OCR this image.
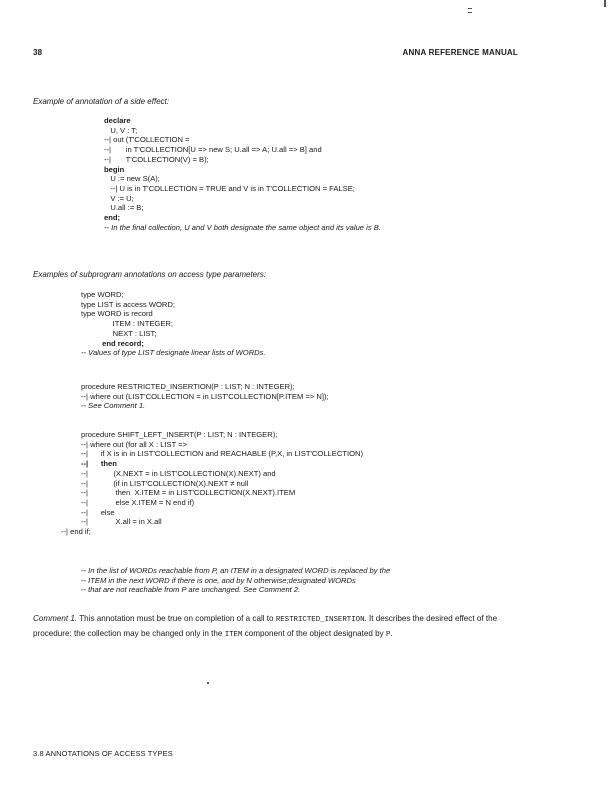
38	ANNA REFERENCE MANUAL
Example of annotation of a side effect:
declare
U, V : T;
--| out (T'COLLECTION =
--|       in T'COLLECTION[U => new S; U.all => A; U.all => B] and
--|       T'COLLECTION(V) = B);
begin
U := new S(A);
--| U is in T'COLLECTION = TRUE and V is in T'COLLECTION = FALSE;
V := U;
U.all := B;
end;
-- In the final collection, U and V both designate the same object and its value is B.
Examples of subprogram annotations on access type parameters:
type WORD;
type LIST is access WORD;
type WORD is record
ITEM : INTEGER;
NEXT : LIST;
end record;
-- Values of type LIST designate linear lists of WORDs.
procedure RESTRICTED_INSERTION(P : LIST; N : INTEGER);
--| where out (LIST'COLLECTION = in LIST'COLLECTION[P.ITEM => N]);
-- See Comment 1.
procedure SHIFT_LEFT_INSERT(P : LIST; N : INTEGER);
--| where out (for all X : LIST =>
--|      if X is in in LIST'COLLECTION and REACHABLE (P,X, in LIST'COLLECTION)
--|      then
--|            (X.NEXT = in LIST'COLLECTION(X).NEXT) and
--|            (if in LIST'COLLECTION(X).NEXT ≠ null
--|             then  X.ITEM = in LIST'COLLECTION(X.NEXT).ITEM
--|             else X.ITEM = N end if)
--|      else
--|             X.all = in X.all
--| end if;
-- In the list of WORDs reachable from P, an ITEM in a designated WORD is replaced by the
-- ITEM in the next WORD if there is one, and by N otherwise;designated WORDs
-- that are not reachable from P are unchanged. See Comment 2.

Comment 1. This annotation must be true on completion of a call to RESTRICTED_INSERTION. It describes the desired effect of the procedure: the collection may be changed only in the ITEM component of the object designated by P.

3.8 ANNOTATIONS OF ACCESS TYPES
